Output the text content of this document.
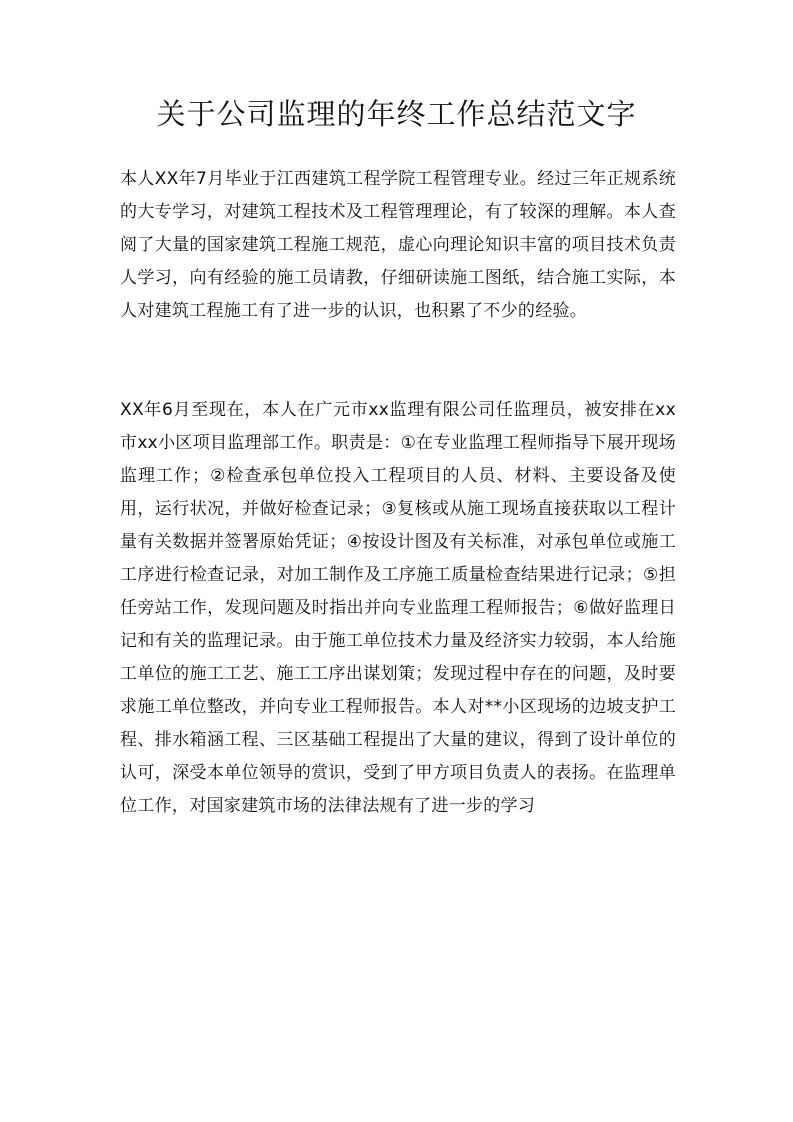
关于公司监理的年终工作总结范文字

本人XX年7月毕业于江西建筑工程学院工程管理专业。经过三年正规系统的大专学习，对建筑工程技术及工程管理理论，有了较深的理解。本人查阅了大量的国家建筑工程施工规范，虚心向理论知识丰富的项目技术负责人学习，向有经验的施工员请教，仔细研读施工图纸，结合施工实际，本人对建筑工程施工有了进一步的认识，也积累了不少的经验。

XX年6月至现在，本人在广元市xx监理有限公司任监理员，被安排在xx市xx小区项目监理部工作。职责是：①在专业监理工程师指导下展开现场监理工作；②检查承包单位投入工程项目的人员、材料、主要设备及使用，运行状况，并做好检查记录；③复核或从施工现场直接获取以工程计量有关数据并签署原始凭证；④按设计图及有关标准，对承包单位或施工工序进行检查记录，对加工制作及工序施工质量检查结果进行记录；⑤担任旁站工作，发现问题及时指出并向专业监理工程师报告；⑥做好监理日记和有关的监理记录。由于施工单位技术力量及经济实力较弱，本人给施工单位的施工工艺、施工工序出谋划策；发现过程中存在的问题，及时要求施工单位整改，并向专业工程师报告。本人对**小区现场的边坡支护工程、排水箱涵工程、三区基础工程提出了大量的建议，得到了设计单位的认可，深受本单位领导的赏识，受到了甲方项目负责人的表扬。在监理单位工作，对国家建筑市场的法律法规有了进一步的学习
